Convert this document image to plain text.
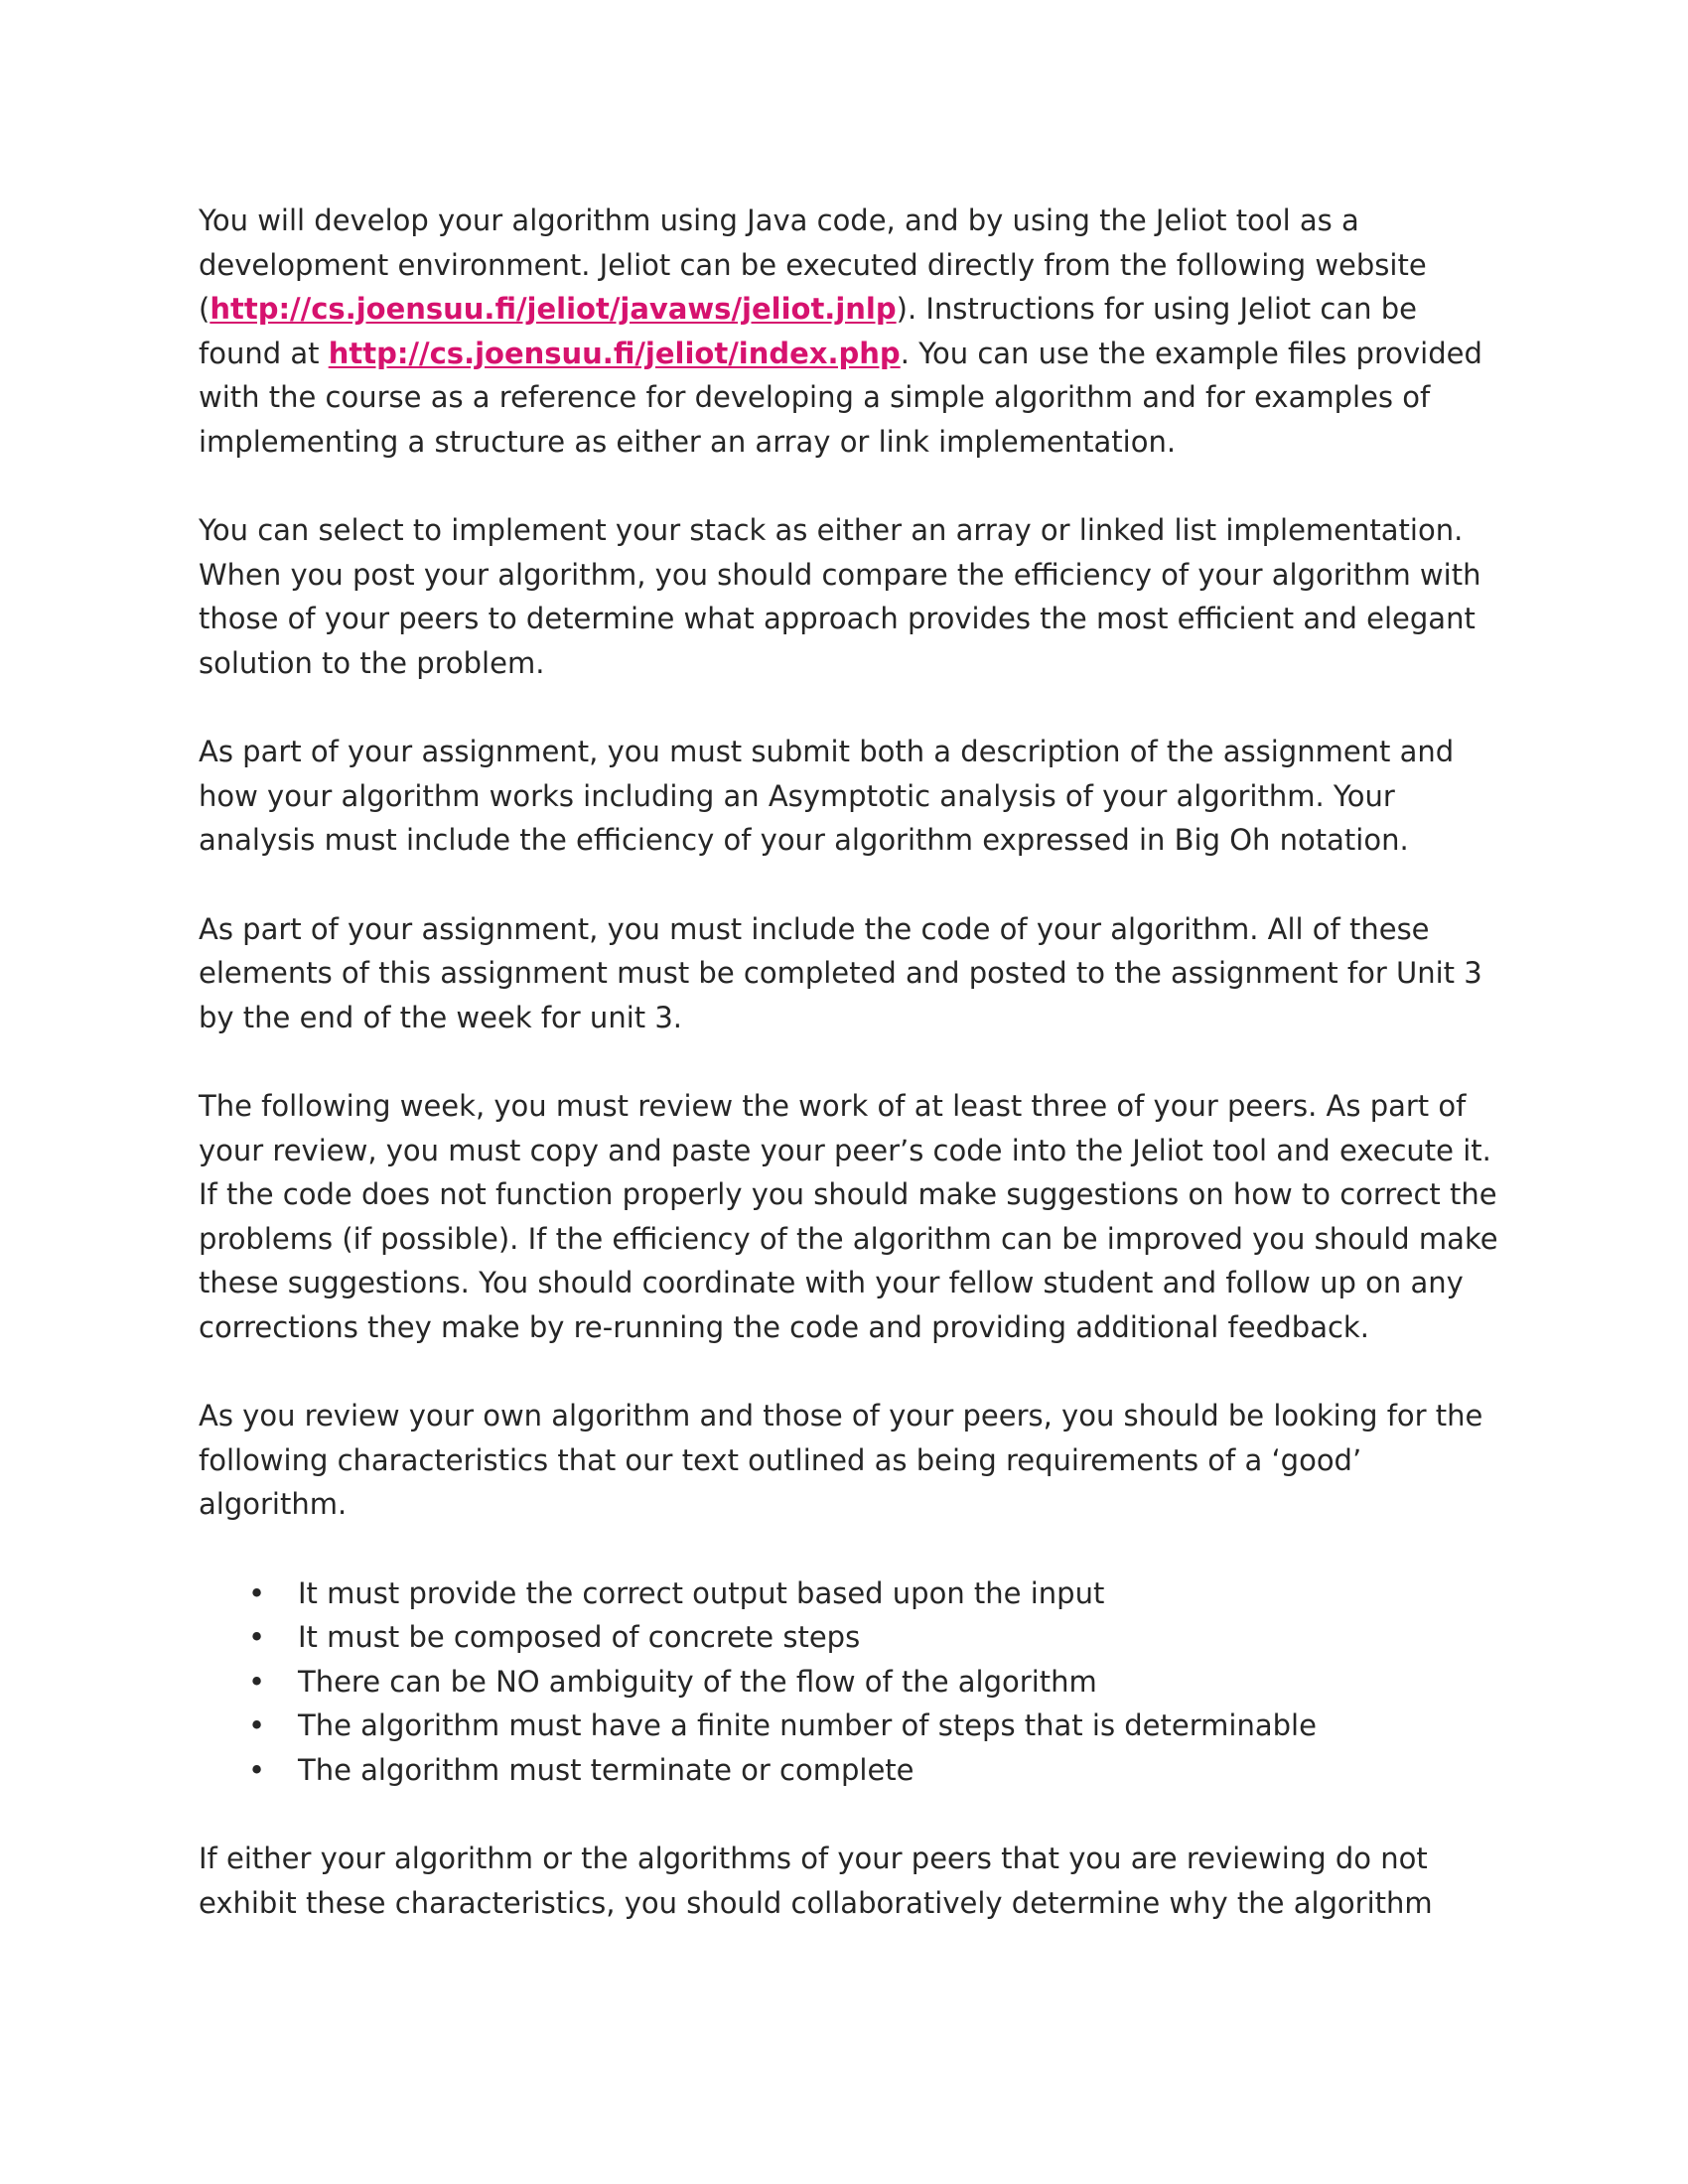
You will develop your algorithm using Java code, and by using the Jeliot tool as a development environment. Jeliot can be executed directly from the following website (http://cs.joensuu.fi/jeliot/javaws/jeliot.jnlp). Instructions for using Jeliot can be found at http://cs.joensuu.fi/jeliot/index.php. You can use the example files provided with the course as a reference for developing a simple algorithm and for examples of implementing a structure as either an array or link implementation.

You can select to implement your stack as either an array or linked list implementation. When you post your algorithm, you should compare the efficiency of your algorithm with those of your peers to determine what approach provides the most efficient and elegant solution to the problem.

As part of your assignment, you must submit both a description of the assignment and how your algorithm works including an Asymptotic analysis of your algorithm. Your analysis must include the efficiency of your algorithm expressed in Big Oh notation.

As part of your assignment, you must include the code of your algorithm. All of these elements of this assignment must be completed and posted to the assignment for Unit 3 by the end of the week for unit 3.

The following week, you must review the work of at least three of your peers. As part of your review, you must copy and paste your peer’s code into the Jeliot tool and execute it. If the code does not function properly you should make suggestions on how to correct the problems (if possible). If the efficiency of the algorithm can be improved you should make these suggestions. You should coordinate with your fellow student and follow up on any corrections they make by re-running the code and providing additional feedback.

As you review your own algorithm and those of your peers, you should be looking for the following characteristics that our text outlined as being requirements of a ‘good’ algorithm.

• It must provide the correct output based upon the input
• It must be composed of concrete steps
• There can be NO ambiguity of the flow of the algorithm
• The algorithm must have a finite number of steps that is determinable
• The algorithm must terminate or complete

If either your algorithm or the algorithms of your peers that you are reviewing do not exhibit these characteristics, you should collaboratively determine why the algorithm
